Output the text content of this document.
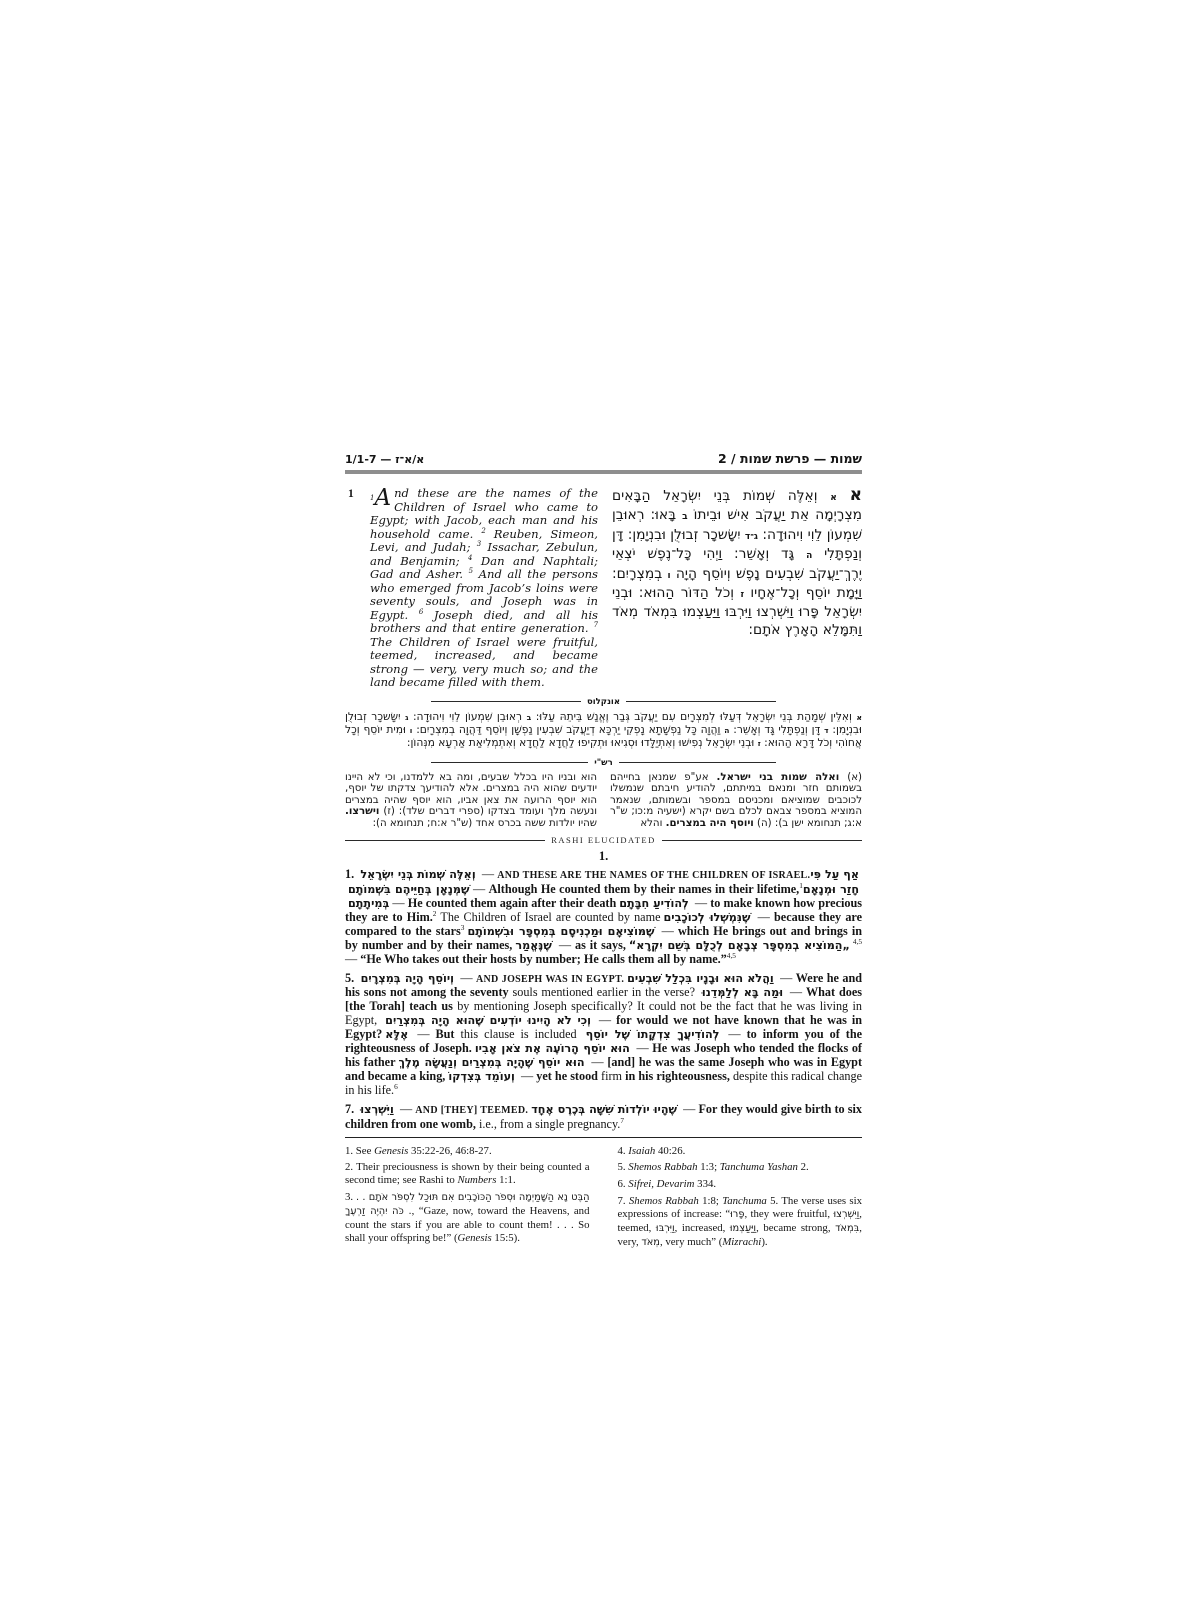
1/1-7 — א/א־ז	שמות — פרשת שמות / 2
1 $^1$A nd these are the names of the Children of Israel who came to Egypt; with Jacob, each man and his household came. $^2$ Reuben, Simeon, Levi, and Judah; $^3$ Issachar, Zebulun, and Benjamin; $^4$ Dan and Naphtali; Gad and Asher. $^5$ And all the persons who emerged from Jacob’s loins were seventy souls, and Joseph was in Egypt. $^6$ Joseph died, and all his brothers and that entire generation. $^7$ The Children of Israel were fruitful, teemed, increased, and became strong — very, very much so; and the land became filled with them.
א א וְאֵלֶּה שְׁמוֹת בְּנֵי יִשְׂרָאֵל הַבָּאִים מִצְרָיְמָה אֵת יַעֲקֹב אִישׁ וּבֵיתוֹ ב בָּאוּ: רְאוּבֵן שִׁמְעוֹן לֵוִי וִיהוּדָה: ג־ד יִשָּׂשכָר זְבוּלֻן וּבִנְיָמִן: דָּן וְנַפְתָּלִי ה גָּד וְאָשֵׁר: וַיְהִי כָּל־נֶפֶשׁ יֹצְאֵי יֶרֶךְ־יַעֲקֹב שִׁבְעִים נָפֶשׁ וְיוֹסֵף הָיָה ו בְמִצְרָיִם: וַיָּמָת יוֹסֵף וְכָל־אֶחָיו ז וְכֹל הַדּוֹר הַהוּא: וּבְנֵי יִשְׂרָאֵל פָּרוּ וַיִּשְׁרְצוּ וַיִּרְבּוּ וַיַּעַצְמוּ בִּמְאֹד מְאֹד וַתִּמָּלֵא הָאָרֶץ אֹתָם:
אונקלוס
א וְאִלֵּין שְׁמָהַת בְּנֵי יִשְׂרָאֵל דְּעַלּוּ לְמִצְרָיִם עִם יַעֲקֹב גְּבַר וֶאֱנַשׁ בֵּיתֵהּ עַלּוּ: ב רְאוּבֵן שִׁמְעוֹן לֵוִי וִיהוּדָה: ג יִשָּׂשכָר זְבוּלֻן וּבִנְיָמִן: ד דָּן וְנַפְתָּלִי גָּד וְאָשֵׁר: ה וַהֲוָה כָּל נַפְשָׁתָא נָפְקֵי יַרְכָּא דְיַעֲקֹב שִׁבְעִין נַפְשָׁן וְיוֹסֵף דַּהֲוָה בְמִצְרָיִם: ו וּמִית יוֹסֵף וְכָל אֲחוֹהִי וְכֹל דָּרָא הַהוּא: ז וּבְנֵי יִשְׂרָאֵל נְפִישׁוּ וְאִתְיַלָּדוּ וּסְגִיאוּ וּתְקִיפוּ לַחֲדָא לַחֲדָא וְאִתְמְלִיאַת אַרְעָא מִנְּהוֹן:
רש"י
(א) ואלה שמות בני ישראל. אע"פ שמנאן בחייהם בשמותם חזר ומנאם במיתתם, להודיע חיבתם שנמשלו לכוכבים שמוציאם ומכניסם במספר ובשמותם, שנאמר המוציא במספר צבאם לכלם בשם יקרא (ישעיה מ:כו; ש"ר א:ג; תנחומא ישן ב): (ה) ויוסף היה במצרים. והלא
הוא ובניו היו בכלל שבעים, ומה בא ללמדנו, וכי לא היינו יודעים שהוא היה במצרים. אלא להודיעך צדקתו של יוסף, הוא יוסף הרועה את צאן אביו, הוא יוסף שהיה במצרים ונעשה מלך ועומד בצדקו (ספרי דברים שלד): (ז) וישרצו. שהיו יולדות ששה בכרס אחד (ש"ר א:ח; תנחומא ה):
RASHI ELUCIDATED
1.

1. וְאֵלֶּה שְׁמוֹת בְּנֵי יִשְׂרָאֵל — AND THESE ARE THE NAMES OF THE CHILDREN OF ISRAEL.אַף עַל פִּי שֶׁמְּנָאָן בְּחַיֵּיהֶם בִּשְׁמוֹתָם — Although He counted them by their names in their lifetime,$^1$חָזַר וּמְנָאָם בְּמִיתָתָם — He counted them again after their death לְהוֹדִיעַ חִבָּתָם — to make known how precious they are to Him.$^2$ The Children of Israel are counted by name שֶׁנִּמְשְׁלוּ לְכוֹכָבִים — because they are compared to the stars$^3$ שֶׁמּוֹצִיאָם וּמַכְנִיסָם בְּמִסְפָּר וּבִשְׁמוֹתָם — which He brings out and brings in by number and by their names, שֶׁנֶּאֱמַר — as it says, „הַמּוֹצִיא בְמִסְפָּר צְבָאָם לְכֻלָּם בְּשֵׁם יִקְרָא“ $^{4,5}$ — “He Who takes out their hosts by number; He calls them all by name.”$^{4,5}$

5. וְיוֹסֵף הָיָה בְּמִצְרָיִם — AND JOSEPH WAS IN EGYPT. וַהֲלֹא הוּא וּבָנָיו בִּכְלַל שִׁבְעִים — Were he and his sons not among the seventy souls mentioned earlier in the verse? וּמַה בָּא לְלַמְּדֵנוּ — What does [the Torah] teach us by mentioning Joseph specifically? It could not be the fact that he was living in Egypt, וְכִי לֹא הָיִינוּ יוֹדְעִים שֶׁהוּא הָיָה בְּמִצְרַיִם — for would we not have known that he was in Egypt? אֶלָּא — But this clause is included לְהוֹדִיעֲךָ צִדְקָתוֹ שֶׁל יוֹסֵף — to inform you of the righteousness of Joseph. הוּא יוֹסֵף הָרוֹעֶה אֶת צֹאן אָבִיו — He was Joseph who tended the flocks of his father הוּא יוֹסֵף שֶׁהָיָה בְּמִצְרַיִם וְנַעֲשָׂה מֶלֶךְ — [and] he was the same Joseph who was in Egypt and became a king, וְעוֹמֵד בְּצִדְקוֹ — yet he stood firm in his righteousness, despite this radical change in his life.$^6$

7. וַיִּשְׁרְצוּ — AND [THEY] TEEMED. שֶׁהָיוּ יוֹלְדוֹת שִׁשָּׁה בְּכֶרֶס אֶחָד — For they would give birth to six children from one womb, i.e., from a single pregnancy.$^7$

1. See Genesis 35:22-26, 46:8-27.

2. Their preciousness is shown by their being counted a second time; see Rashi to Numbers 1:1.

3. הַבֶּט נָא הַשָּׁמַיְמָה וּסְפֹר הַכּוֹכָבִים אִם תּוּכַל לִסְפֹּר אֹתָם . . . כֹּה יִהְיֶה זַרְעֶךָ, “Gaze, now, toward the Heavens, and count the stars if you are able to count them! . . . So shall your offspring be!” (Genesis 15:5).

4. Isaiah 40:26.

5. Shemos Rabbah 1:3; Tanchuma Yashan 2.

6. Sifrei, Devarim 334.

7. Shemos Rabbah 1:8; Tanchuma 5. The verse uses six expressions of increase: “פָּרוּ, they were fruitful, וַיִּשְׁרְצוּ, teemed, וַיִּרְבּוּ, increased, וַיַּעַצְמוּ, became strong, בִּמְאֹד, very, מְאֹד, very much” (Mizrachi).
